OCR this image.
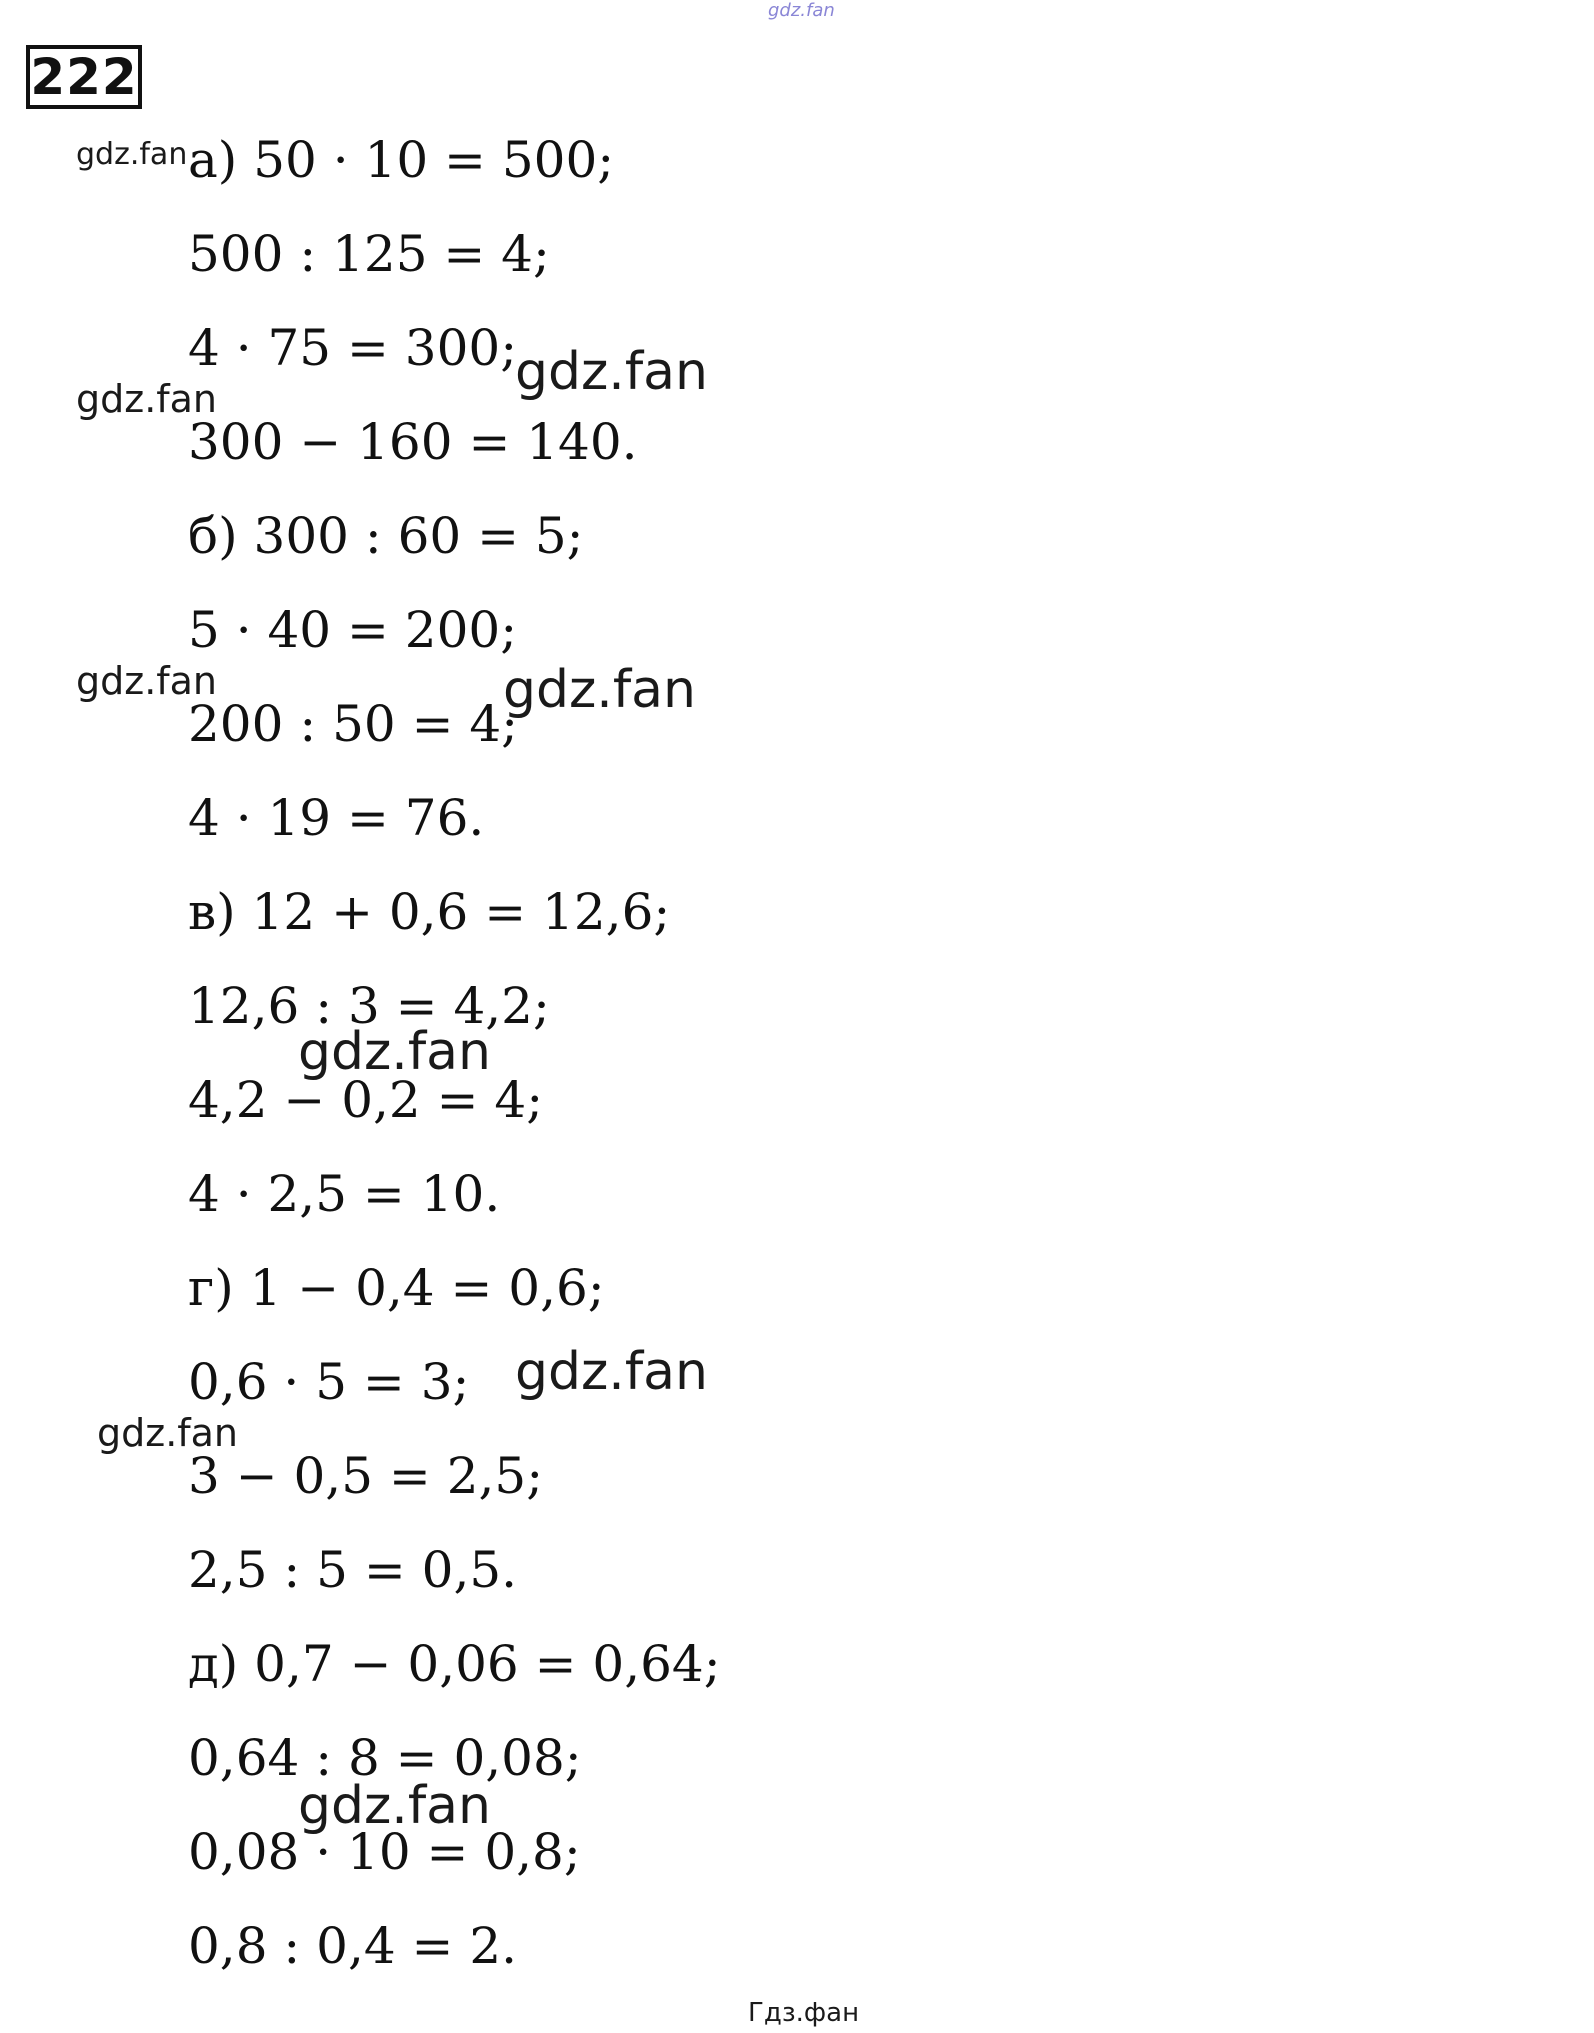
222
а) 50 · 10 = 500;
500 : 125 = 4;
4 · 75 = 300;
300 − 160 = 140.
б) 300 : 60 = 5;
5 · 40 = 200;
200 : 50 = 4;
4 · 19 = 76.
в) 12 + 0,6 = 12,6;
12,6 : 3 = 4,2;
4,2 − 0,2 = 4;
4 · 2,5 = 10.
г) 1 − 0,4 = 0,6;
0,6 · 5 = 3;
3 − 0,5 = 2,5;
2,5 : 5 = 0,5.
д) 0,7 − 0,06 = 0,64;
0,64 : 8 = 0,08;
0,08 · 10 = 0,8;
0,8 : 0,4 = 2.
gdz.fan
gdz.fan
gdz.fan
gdz.fan
gdz.fan	gdz.fan
gdz.fan
gdz.fan
gdz.fan
gdz.fan
Гдз.фан
